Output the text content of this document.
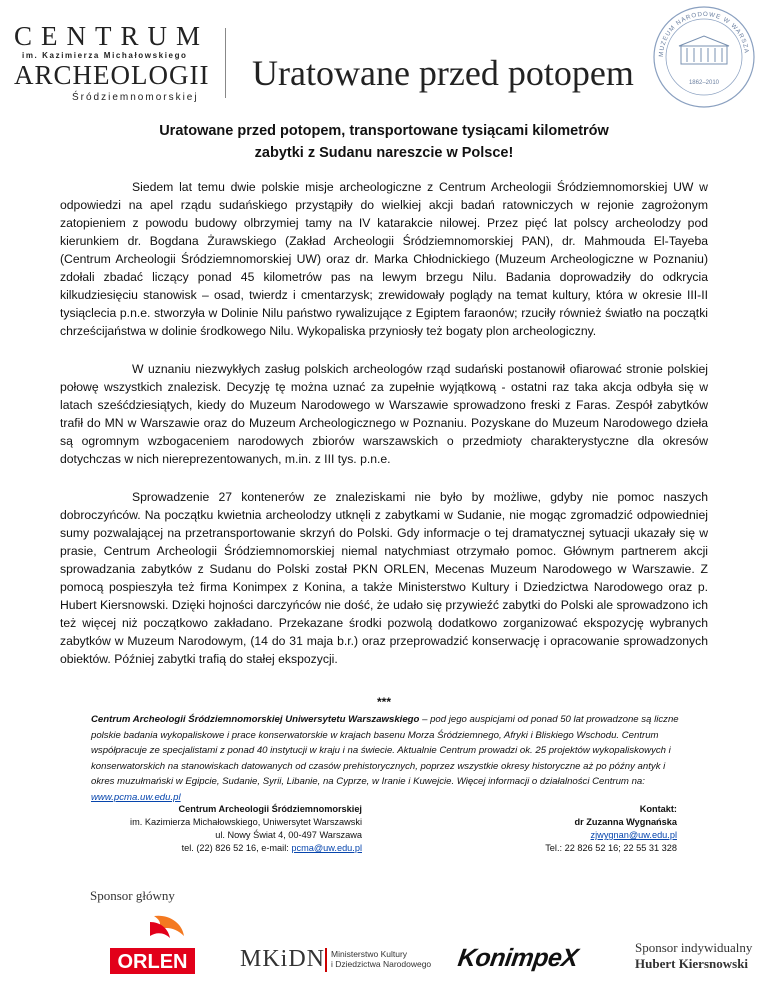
CENTRUM
im. Kazimierza Michałowskiego
ARCHEOLOGII
Śródziemnomorskiej
Uratowane przed potopem	MUZEUM NARODOWE W WARSZA
1862–2010
Uratowane przed potopem, transportowane tysiącami kilometrów
zabytki z Sudanu nareszcie w Polsce!

Siedem lat temu dwie polskie misje archeologiczne z Centrum Archeologii Śródziemnomorskiej UW w odpowiedzi na apel rządu sudańskiego przystąpiły do wielkiej akcji badań ratowniczych w rejonie zagrożonym zatopieniem z powodu budowy olbrzymiej tamy na IV katarakcie nilowej. Przez pięć lat polscy archeolodzy pod kierunkiem dr. Bogdana Żurawskiego (Zakład Archeologii Śródziemnomorskiej PAN), dr. Mahmouda El-Tayeba (Centrum Archeologii Śródziemnomorskiej UW) oraz dr. Marka Chłodnickiego (Muzeum Archeologiczne w Poznaniu) zdołali zbadać liczący ponad 45 kilometrów pas na lewym brzegu Nilu. Badania doprowadziły do odkrycia kilkudziesięciu stanowisk – osad, twierdz i cmentarzysk; zrewidowały poglądy na temat kultury, która w okresie III-II tysiąclecia p.n.e. stworzyła w Dolinie Nilu państwo rywalizujące z Egiptem faraonów; rzuciły również światło na początki chrześcijaństwa w dolinie środkowego Nilu. Wykopaliska przyniosły też bogaty plon archeologiczny.

W uznaniu niezwykłych zasług polskich archeologów rząd sudański postanowił ofiarować stronie polskiej połowę wszystkich znalezisk. Decyzję tę można uznać za zupełnie wyjątkową - ostatni raz taka akcja odbyła się w latach sześćdziesiątych, kiedy do Muzeum Narodowego w Warszawie sprowadzono freski z Faras. Zespół zabytków trafił do MN w Warszawie oraz do Muzeum Archeologicznego w Poznaniu. Pozyskane do Muzeum Narodowego dzieła są ogromnym wzbogaceniem narodowych zbiorów warszawskich o przedmioty charakterystyczne dla okresów dotychczas w nich niereprezentowanych, m.in. z III tys. p.n.e.

Sprowadzenie 27 kontenerów ze znaleziskami nie było by możliwe, gdyby nie pomoc naszych dobroczyńców. Na początku kwietnia archeolodzy utknęli z zabytkami w Sudanie, nie mogąc zgromadzić odpowiedniej sumy pozwalającej na przetransportowanie skrzyń do Polski. Gdy informacje o tej dramatycznej sytuacji ukazały się w prasie, Centrum Archeologii Śródziemnomorskiej niemal natychmiast otrzymało pomoc. Głównym partnerem akcji sprowadzania zabytków z Sudanu do Polski został PKN ORLEN, Mecenas Muzeum Narodowego w Warszawie. Z pomocą pospieszyła też firma Konimpex z Konina, a także Ministerstwo Kultury i Dziedzictwa Narodowego oraz p. Hubert Kiersnowski. Dzięki hojności darczyńców nie dość, że udało się przywieźć zabytki do Polski ale sprowadzono ich też więcej niż początkowo zakładano. Przekazane środki pozwolą dodatkowo zorganizować ekspozycję wybranych zabytków w Muzeum Narodowym, (14 do 31 maja b.r.) oraz przeprowadzić konserwację i opracowanie sprowadzonych obiektów. Później zabytki trafią do stałej ekspozycji.

***
Centrum Archeologii Śródziemnomorskiej Uniwersytetu Warszawskiego – pod jego auspicjami od ponad 50 lat prowadzone są liczne polskie badania wykopaliskowe i prace konserwatorskie w krajach basenu Morza Śródziemnego, Afryki i Bliskiego Wschodu. Centrum współpracuje ze specjalistami z ponad 40 instytucji w kraju i na świecie. Aktualnie Centrum prowadzi ok. 25 projektów wykopaliskowych i konserwatorskich na stanowiskach datowanych od czasów prehistorycznych, poprzez wszystkie okresy historyczne aż po późny antyk i okres muzułmański w Egipcie, Sudanie, Syrii, Libanie, na Cyprze, w Iranie i Kuwejcie. Więcej informacji o działalności Centrum na: www.pcma.uw.edu.pl
Centrum Archeologii Śródziemnomorskiej
im. Kazimierza Michałowskiego, Uniwersytet Warszawski
ul. Nowy Świat 4, 00-497 Warszawa
tel. (22) 826 52 16, e-mail: pcma@uw.edu.pl
Kontakt:
dr Zuzanna Wygnańska
zjwygnan@uw.edu.pl
Tel.: 22 826 52 16; 22 55 31 328
Sponsor główny
ORLEN MKiDN Ministerstwo Kultury
i Dziedzictwa Narodowego KonimpeX	Sponsor indywidualny
Hubert Kiersnowski
